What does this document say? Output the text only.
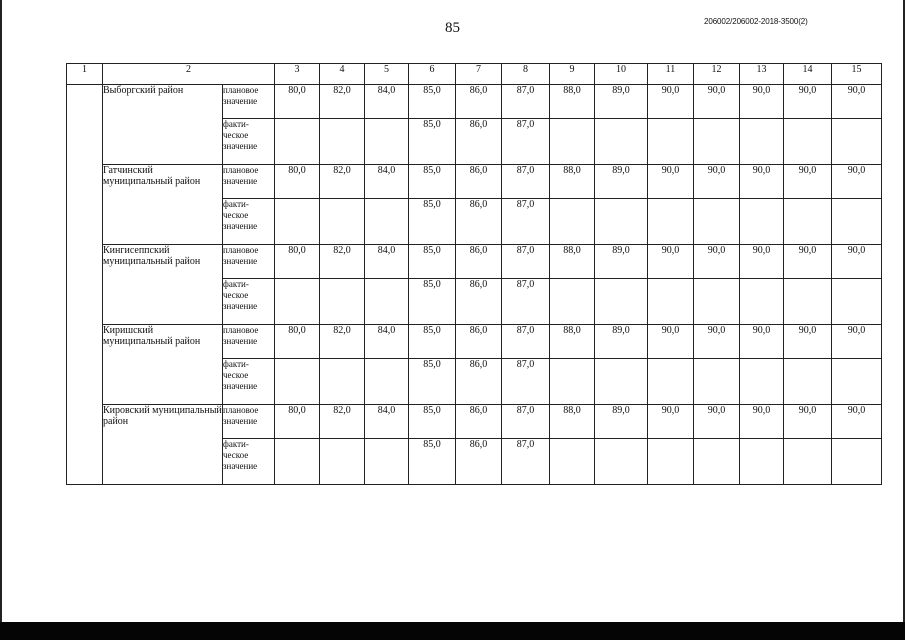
85	206002/206002-2018-3500(2)
1	2		3	4	5	6	7	8	9	10	11	12	13	14	15
	Выборгский район	плановое значение	80,0	82,0	84,0	85,0	86,0	87,0	88,0	89,0	90,0	90,0	90,0	90,0	90,0
		факти- ческое значение				85,0	86,0	87,0							
	Гатчинский муниципальный район	плановое значение	80,0	82,0	84,0	85,0	86,0	87,0	88,0	89,0	90,0	90,0	90,0	90,0	90,0
		факти- ческое значение				85,0	86,0	87,0							
	Кингисеппский муниципальный район	плановое значение	80,0	82,0	84,0	85,0	86,0	87,0	88,0	89,0	90,0	90,0	90,0	90,0	90,0
		факти- ческое значение				85,0	86,0	87,0							
	Киришский муниципальный район	плановое значение	80,0	82,0	84,0	85,0	86,0	87,0	88,0	89,0	90,0	90,0	90,0	90,0	90,0
		факти- ческое значение				85,0	86,0	87,0							
	Кировский муниципальный район	плановое значение	80,0	82,0	84,0	85,0	86,0	87,0	88,0	89,0	90,0	90,0	90,0	90,0	90,0
		факти- ческое значение				85,0	86,0	87,0							
